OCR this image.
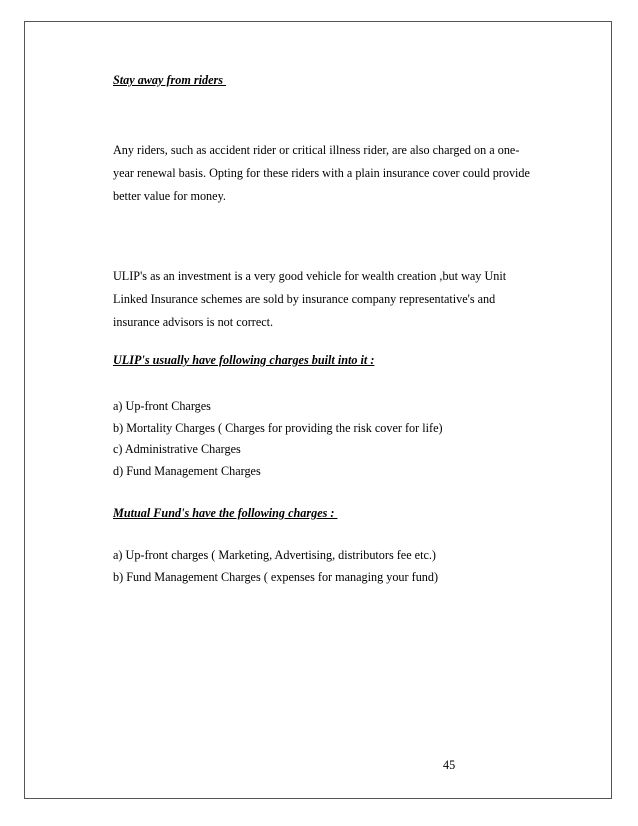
Stay away from riders

Any riders, such as accident rider or critical illness rider, are also charged on a one-

year renewal basis. Opting for these riders with a plain insurance cover could provide

better value for money.

ULIP's as an investment is a very good vehicle for wealth creation ,but way Unit

Linked Insurance schemes are sold by insurance company representative's and

insurance advisors is not correct.

ULIP's usually have following charges built into it :
a) Up-front Charges
b) Mortality Charges ( Charges for providing the risk cover for life)
c) Administrative Charges
d) Fund Management Charges
Mutual Fund's have the following charges :
a) Up-front charges ( Marketing, Advertising, distributors fee etc.)
b) Fund Management Charges ( expenses for managing your fund)
45
